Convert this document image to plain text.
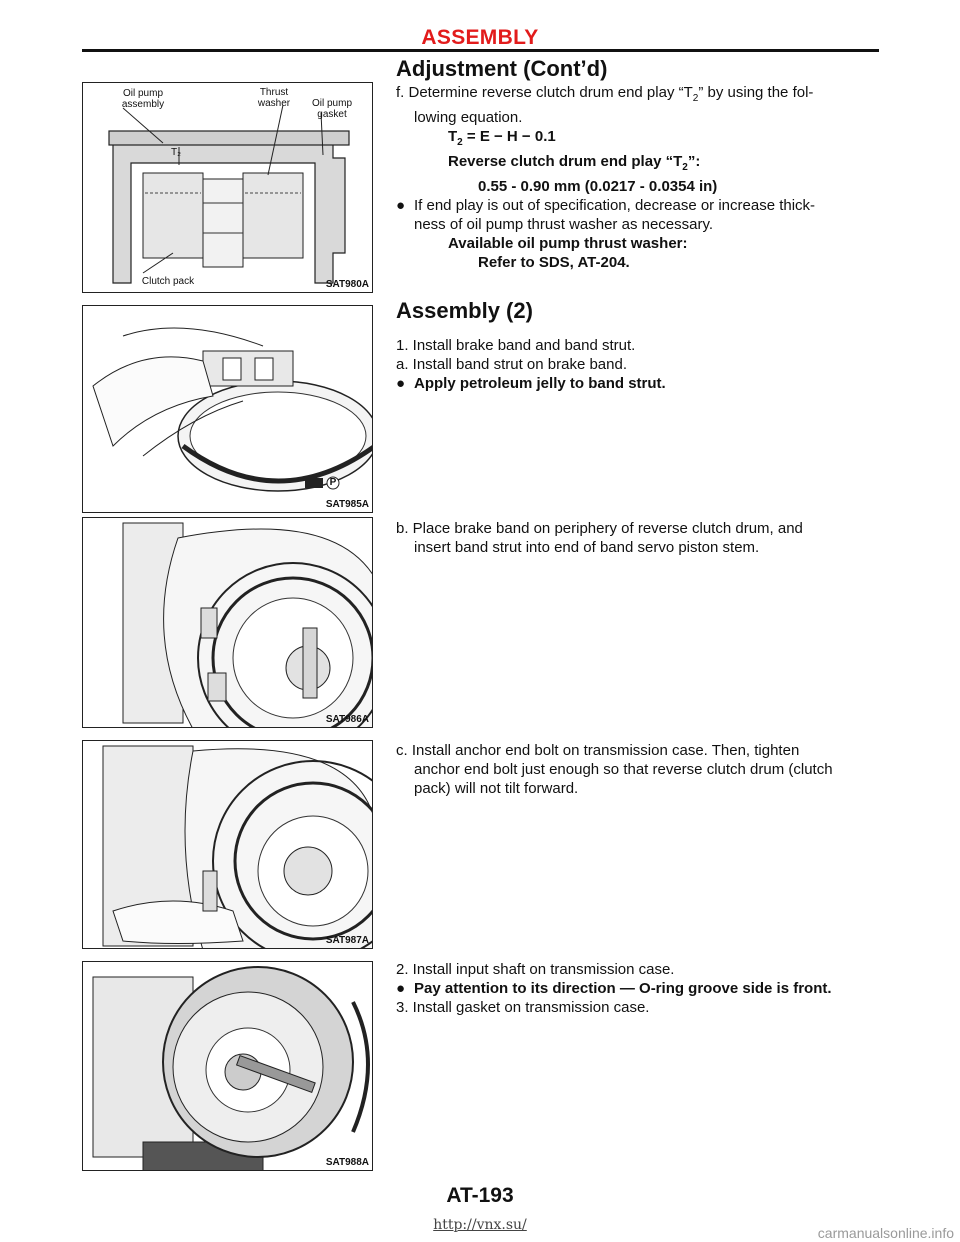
ASSEMBLY
Adjustment (Cont’d)
Oil pump assembly
Thrust washer	Oil pump gasket
T₂
Clutch pack	SAT980A
P
SAT985A
SAT986A
SAT987A
SAT988A
f. Determine reverse clutch drum end play “$T_2$” by using the fol-
lowing equation.
$T_2 = E - H - 0.1$
Reverse clutch drum end play “$T_2$”:
0.55 - 0.90 mm (0.0217 - 0.0354 in)
● If end play is out of specification, decrease or increase thick-
ness of oil pump thrust washer as necessary.
Available oil pump thrust washer:
Refer to SDS, AT-204.
Assembly (2)
1. Install brake band and band strut.
a. Install band strut on brake band.
● Apply petroleum jelly to band strut.
b. Place brake band on periphery of reverse clutch drum, and
insert band strut into end of band servo piston stem.
c. Install anchor end bolt on transmission case. Then, tighten
anchor end bolt just enough so that reverse clutch drum (clutch
pack) will not tilt forward.
2. Install input shaft on transmission case.
● Pay attention to its direction — O-ring groove side is front.
3. Install gasket on transmission case.
AT-193
http://vnx.su/	carmanualsonline.info
